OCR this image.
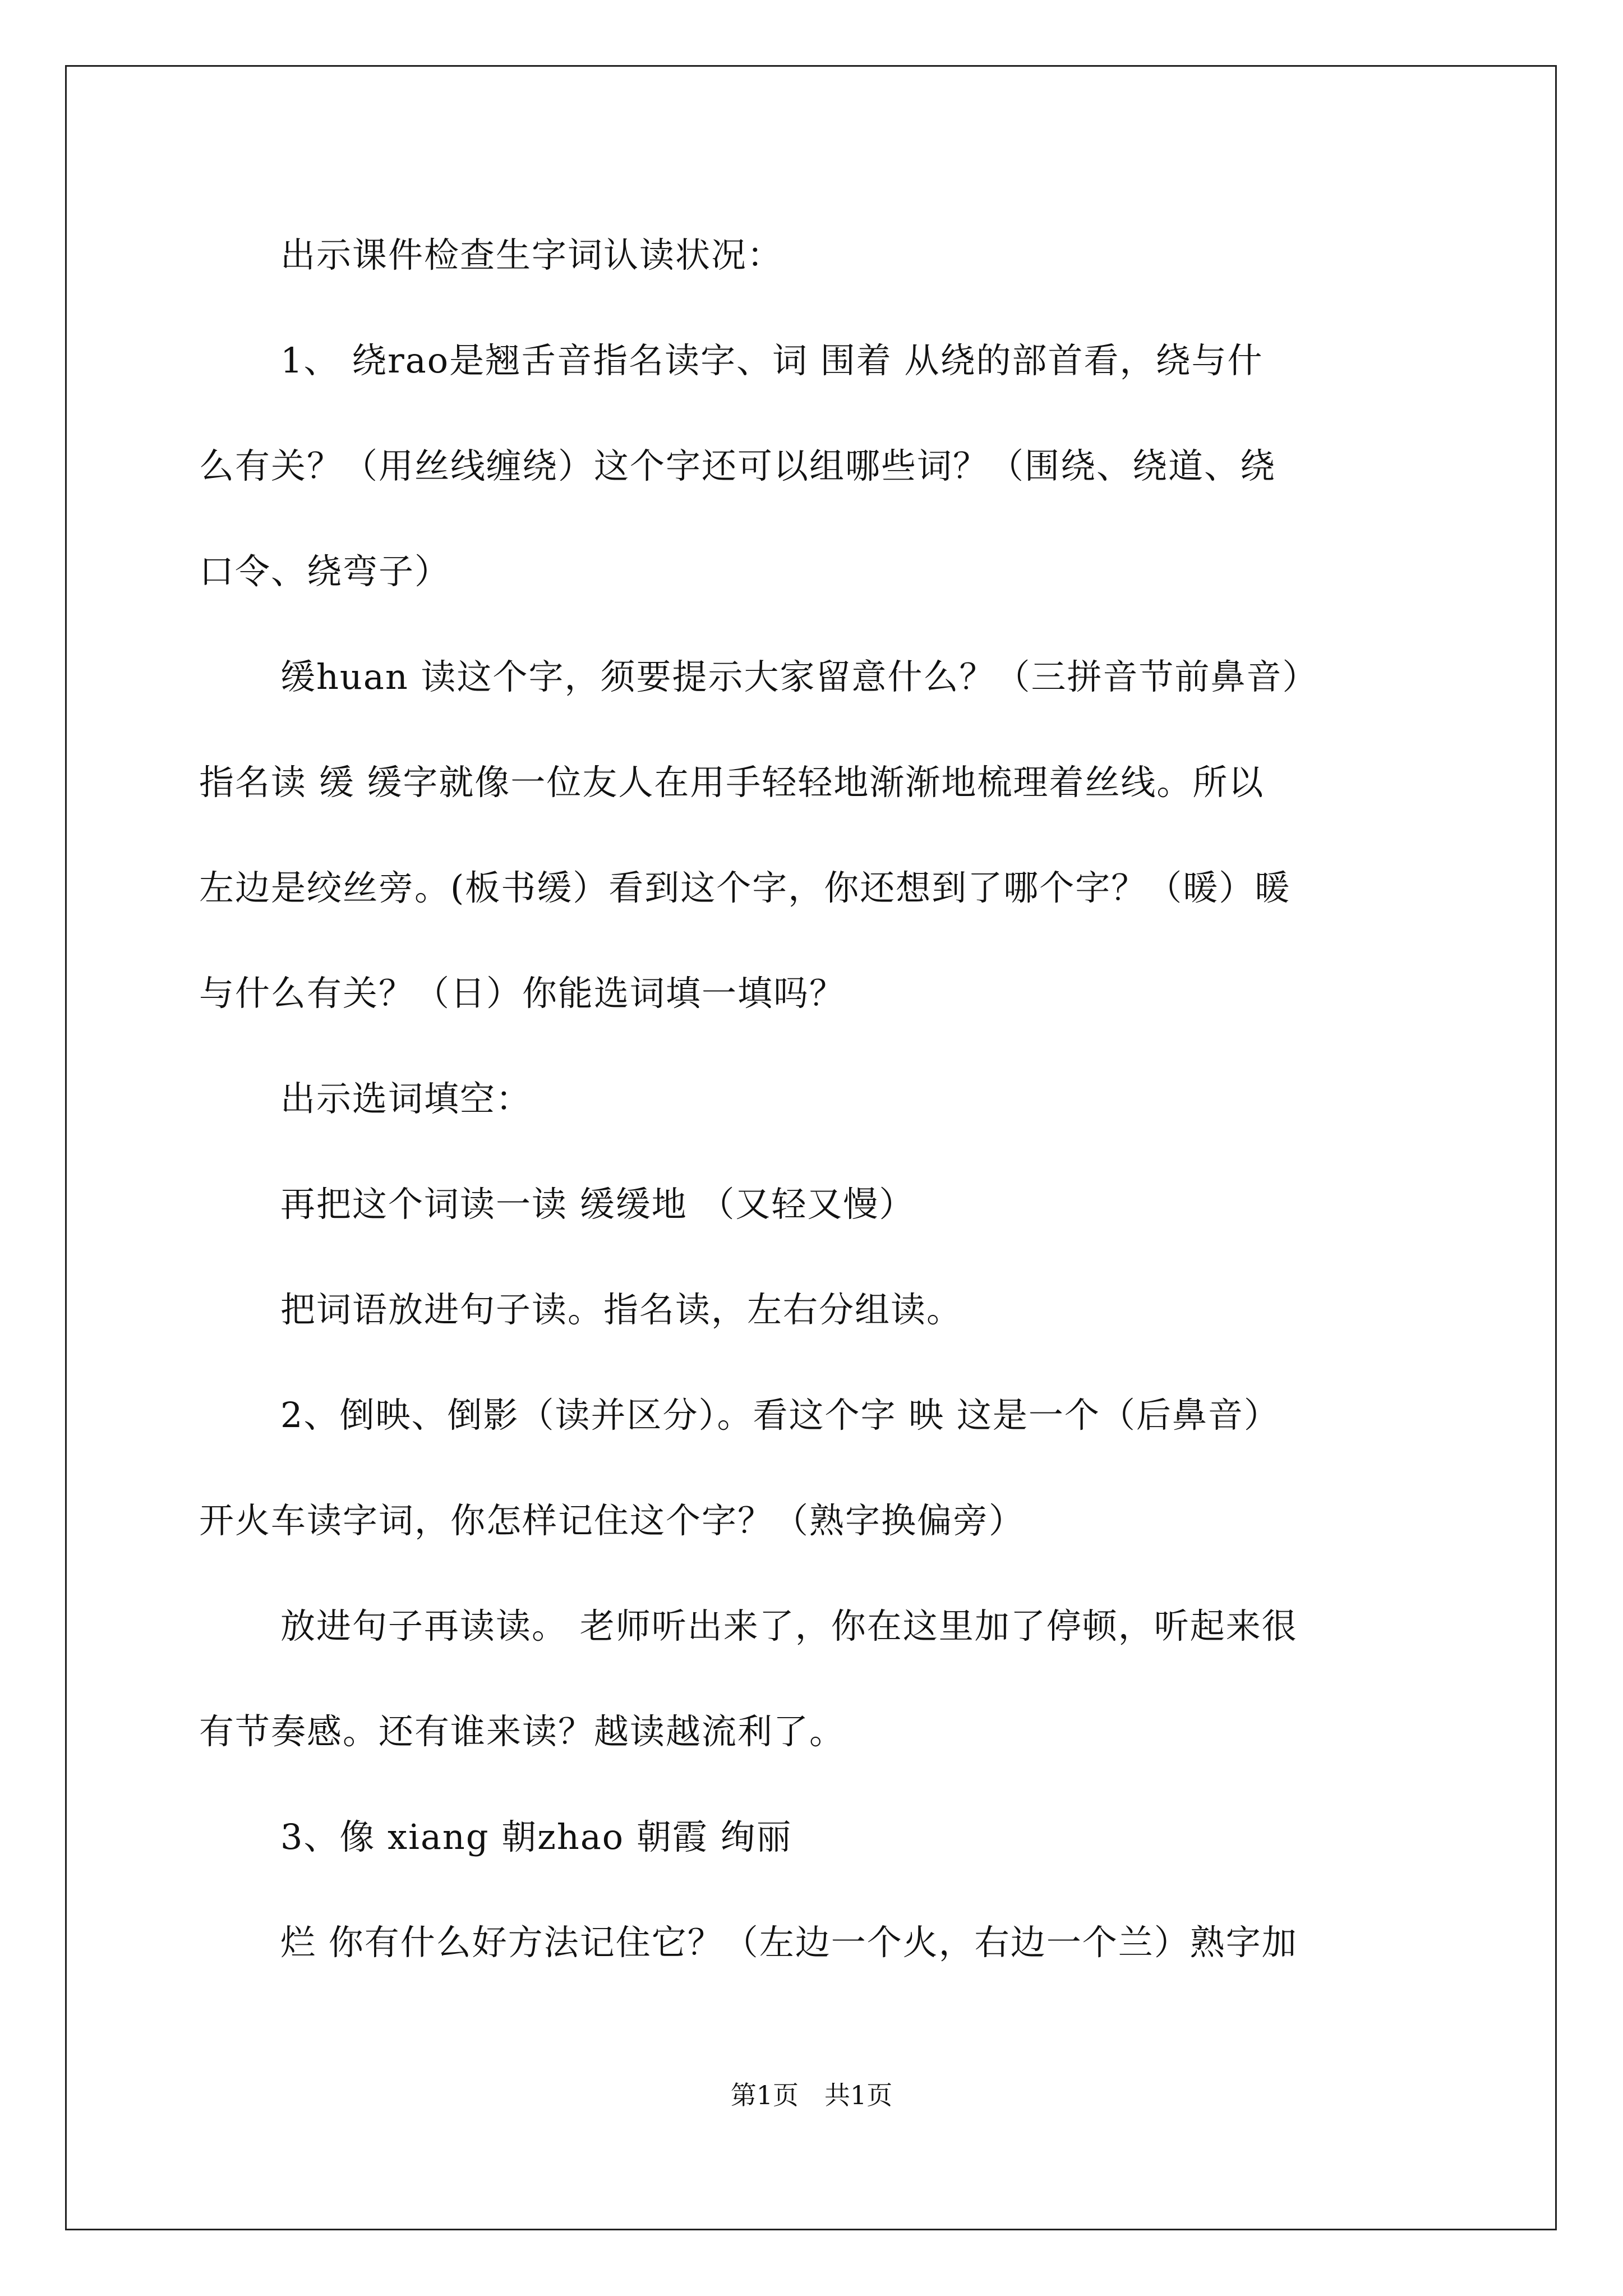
出示课件检查生字词认读状况：
1、 绕rao是翘舌音指名读字、词 围着 从绕的部首看，绕与什
么有关？（用丝线缠绕）这个字还可以组哪些词？（围绕、绕道、绕
口令、绕弯子）
缓huan 读这个字，须要提示大家留意什么？（三拼音节前鼻音）
指名读 缓 缓字就像一位友人在用手轻轻地渐渐地梳理着丝线。所以
左边是绞丝旁。(板书缓）看到这个字，你还想到了哪个字？（暖）暖
与什么有关？（日）你能选词填一填吗？
出示选词填空：
再把这个词读一读 缓缓地 （又轻又慢）
把词语放进句子读。指名读，左右分组读。
2、倒映、倒影（读并区分）。看这个字 映 这是一个（后鼻音）
开火车读字词，你怎样记住这个字？（熟字换偏旁）
放进句子再读读。 老师听出来了，你在这里加了停顿，听起来很
有节奏感。还有谁来读？越读越流利了。
3、像 xiang 朝zhao 朝霞 绚丽
烂 你有什么好方法记住它？（左边一个火，右边一个兰）熟字加
第1页　共1页
